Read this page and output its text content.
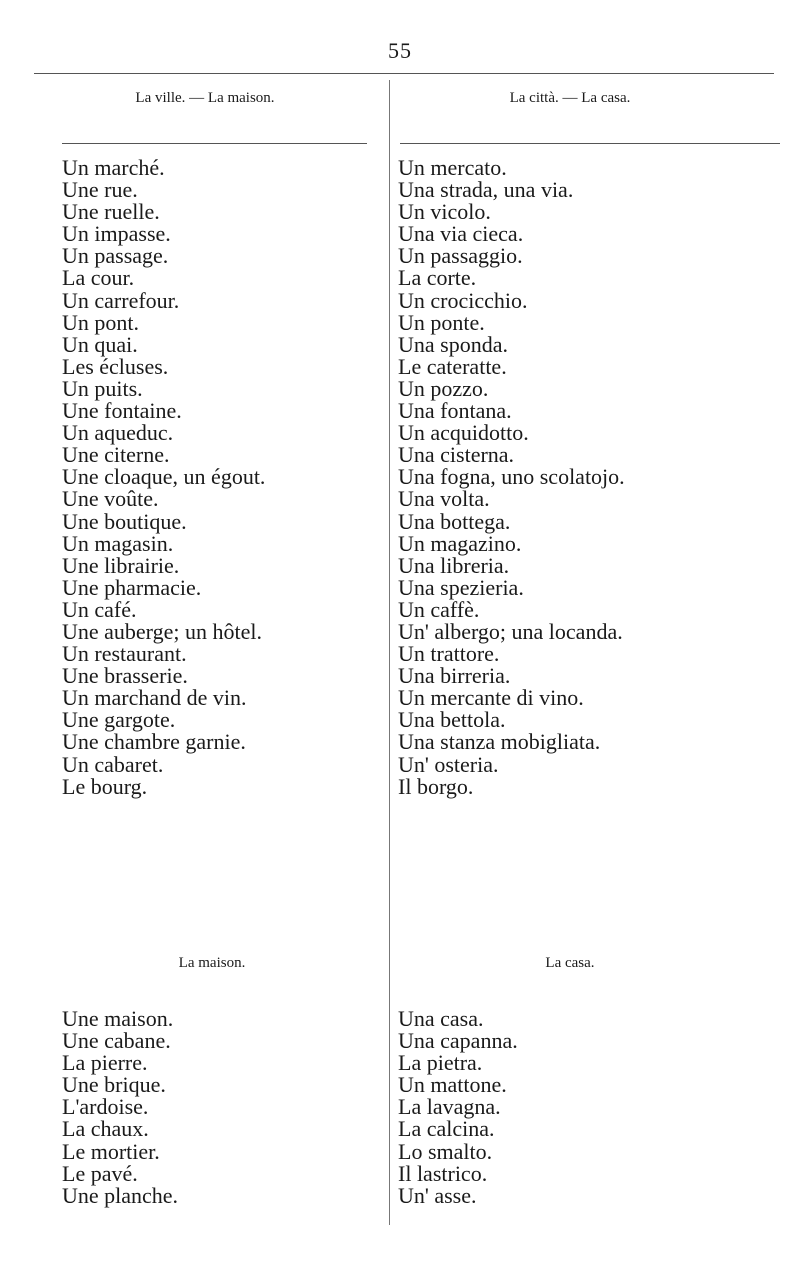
55
La ville. — La maison.	La città. — La casa.
Un marché.
Une rue.
Une ruelle.
Un impasse.
Un passage.
La cour.
Un carrefour.
Un pont.
Un quai.
Les écluses.
Un puits.
Une fontaine.
Un aqueduc.
Une citerne.
Une cloaque, un égout.
Une voûte.
Une boutique.
Un magasin.
Une librairie.
Une pharmacie.
Un café.
Une auberge; un hôtel.
Un restaurant.
Une brasserie.
Un marchand de vin.
Une gargote.
Une chambre garnie.
Un cabaret.
Le bourg.
Un mercato.
Una strada, una via.
Un vicolo.
Una via cieca.
Un passaggio.
La corte.
Un crocicchio.
Un ponte.
Una sponda.
Le cateratte.
Un pozzo.
Una fontana.
Un acquidotto.
Una cisterna.
Una fogna, uno scolatojo.
Una volta.
Una bottega.
Un magazino.
Una libreria.
Una spezieria.
Un caffè.
Un' albergo; una locanda.
Un trattore.
Una birreria.
Un mercante di vino.
Una bettola.
Una stanza mobigliata.
Un' osteria.
Il borgo.
La maison.	La casa.
Une maison.
Une cabane.
La pierre.
Une brique.
L'ardoise.
La chaux.
Le mortier.
Le pavé.
Une planche.
Una casa.
Una capanna.
La pietra.
Un mattone.
La lavagna.
La calcina.
Lo smalto.
Il lastrico.
Un' asse.
